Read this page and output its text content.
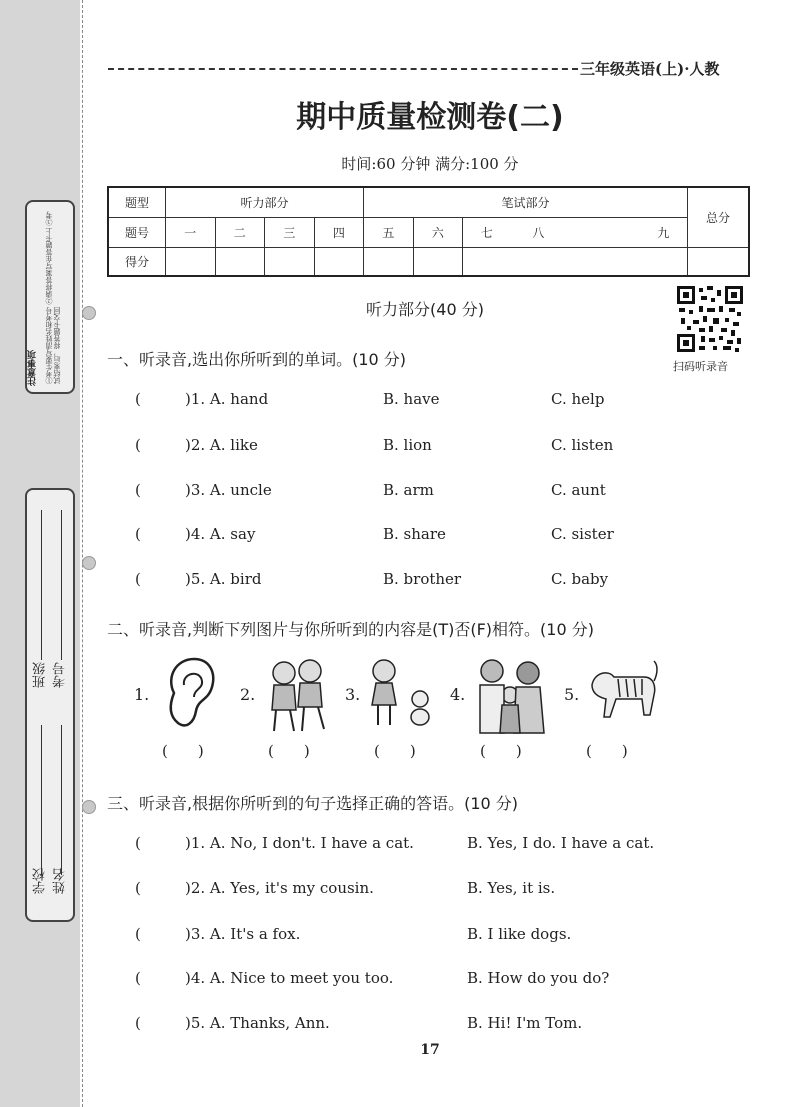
注意事项	①考生要写清姓名和考号 ②请将答案写在答题卡上 ③考试结束后，将答题卡交回
学校 姓名
班级 考号
三年级英语(上)·人教
期中质量检测卷(二)
时间:60 分钟 满分:100 分
题型	听力部分				笔试部分					总分
题号	一	二	三	四	五	六	七	八	九	
得分										
扫码听录音
听力部分(40 分)
一、听录音,选出你所听到的单词。(10 分)
(	)1. A. hand	B. have	C. help
(	)2. A. like	B. lion	C. listen
(	)3. A. uncle	B. arm	C. aunt
(	)4. A. say	B. share	C. sister
(	)5. A. bird	B. brother	C. baby
二、听录音,判断下列图片与你所听到的内容是(T)否(F)相符。(10 分)
1.	2.	3.	4.	5.
(　　)	(　　)	(　　)	(　　)	(　　)
三、听录音,根据你所听到的句子选择正确的答语。(10 分)
(	)1. A. No, I don't. I have a cat.	B. Yes, I do. I have a cat.
(	)2. A. Yes, it's my cousin.	B. Yes, it is.
(	)3. A. It's a fox.	B. I like dogs.
(	)4. A. Nice to meet you too.	B. How do you do?
(	)5. A. Thanks, Ann.	B. Hi! I'm Tom.
17
